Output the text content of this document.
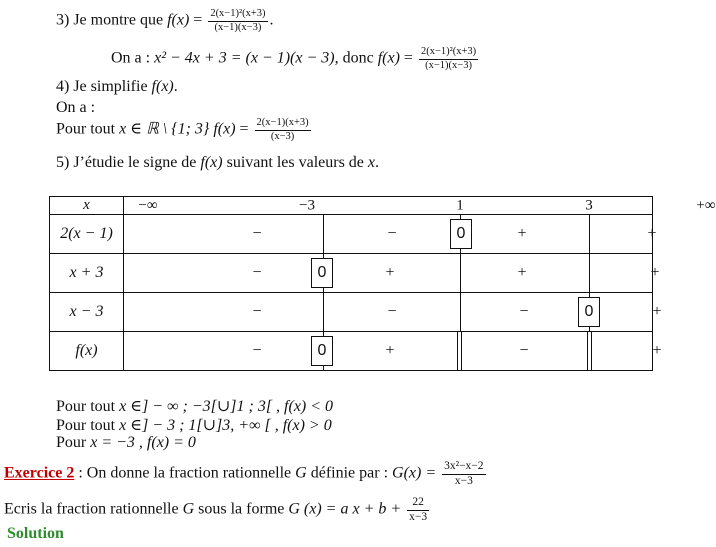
3) Je montre que $f(x) = \frac{\text{2(x−1)²(x+3)}}{(x-1)(x-3)}$ .
On a : x² − 4x + 3 = (x − 1)(x − 3), donc $f(x) = \frac{\text{2(x−1)²(x+3)}}{(x-1)(x-3)}$
4) Je simplifie f(x).
On a :
Pour tout x ∈ ℝ \ {1; 3} $f(x) = \frac{2(x-1)(x+3)}{(x-3)}$
5) J’étudie le signe de f(x) suivant les valeurs de x.
x	−∞ −3 1 3 +∞

2(x − 1)	− − 0 + +

x + 3	− 0 + + +

x − 3	− − − 0 +

f(x)	− 0 + − +
Pour tout x ∈] − ∞ ; −3[∪]1 ; 3[ , f(x) < 0
Pour tout x ∈] − 3 ; 1[∪]3, +∞ [ , f(x) > 0
Pour x = −3 , f(x) = 0
Exercice 2 : On donne la fraction rationnelle G définie par : $G(x) = \frac{\text{3x²−x−2}}{x-3}$
Ecris la fraction rationnelle G sous la forme G (x) = a $x + b + \frac{22}{x-3}$
Solution
